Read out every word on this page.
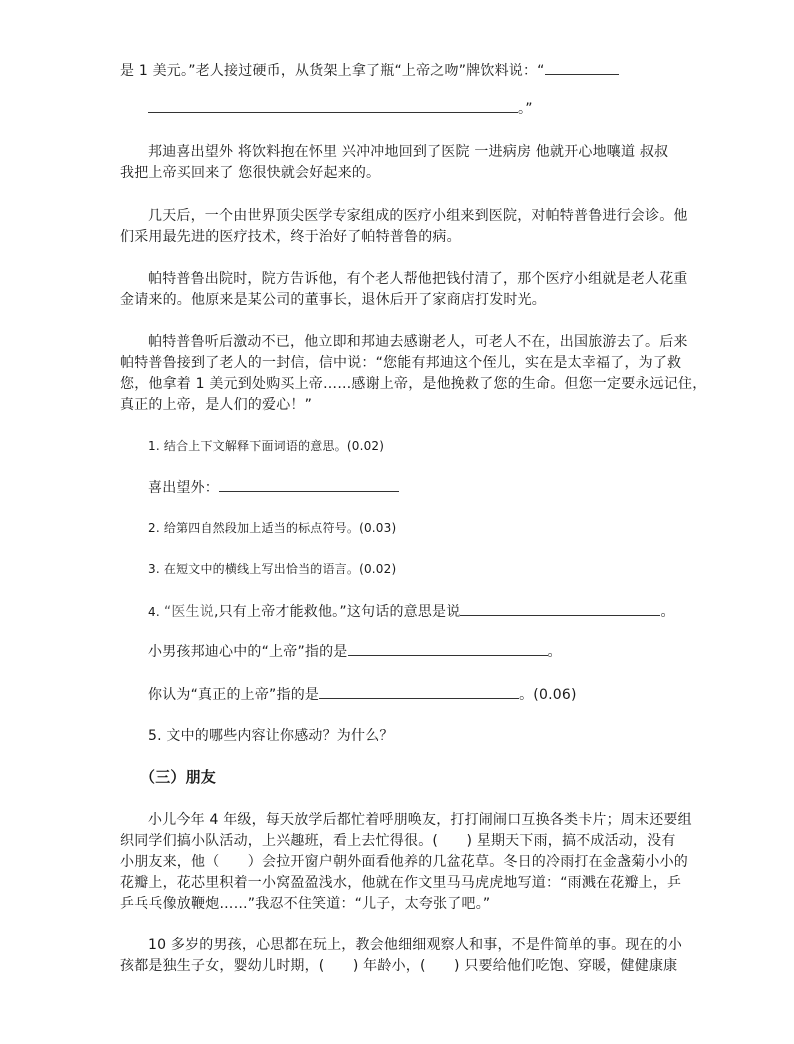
是 1 美元。”老人接过硬币，从货架上拿了瓶“上帝之吻”牌饮料说：“
。”
邦迪喜出望外 将饮料抱在怀里 兴冲冲地回到了医院 一进病房 他就开心地嚷道 叔叔
我把上帝买回来了 您很快就会好起来的。
几天后，一个由世界顶尖医学专家组成的医疗小组来到医院，对帕特普鲁进行会诊。他
们采用最先进的医疗技术，终于治好了帕特普鲁的病。
帕特普鲁出院时，院方告诉他，有个老人帮他把钱付清了，那个医疗小组就是老人花重
金请来的。他原来是某公司的董事长，退休后开了家商店打发时光。
帕特普鲁听后激动不已，他立即和邦迪去感谢老人，可老人不在，出国旅游去了。后来
帕特普鲁接到了老人的一封信，信中说：“您能有邦迪这个侄儿，实在是太幸福了，为了救
您，他拿着 1 美元到处购买上帝……感谢上帝，是他挽救了您的生命。但您一定要永远记住，
真正的上帝，是人们的爱心！”
1. 结合上下文解释下面词语的意思。(0.02)
喜出望外：
2. 给第四自然段加上适当的标点符号。(0.03)
3. 在短文中的横线上写出恰当的语言。(0.02)
4. “医生说,只有上帝才能救他。”这句话的意思是说	。
小男孩邦迪心中的“上帝”指的是	。
你认为“真正的上帝”指的是	。(0.06)
5. 文中的哪些内容让你感动？为什么？
（三）朋友
小儿今年 4 年级，每天放学后都忙着呼朋唤友，打打闹闹口互换各类卡片；周末还要组
织同学们搞小队活动，上兴趣班，看上去忙得很。(　　) 星期天下雨，搞不成活动，没有
小朋友来，他（　　）会拉开窗户朝外面看他养的几盆花草。冬日的冷雨打在金盏菊小小的
花瓣上，花芯里积着一小窝盈盈浅水，他就在作文里马马虎虎地写道：“雨溅在花瓣上，乒
乒乓乓像放鞭炮……”我忍不住笑道：“儿子，太夸张了吧。”
10 多岁的男孩，心思都在玩上，教会他细细观察人和事，不是件简单的事。现在的小
孩都是独生子女，婴幼儿时期，(　　) 年龄小，(　　) 只要给他们吃饱、穿暖，健健康康
